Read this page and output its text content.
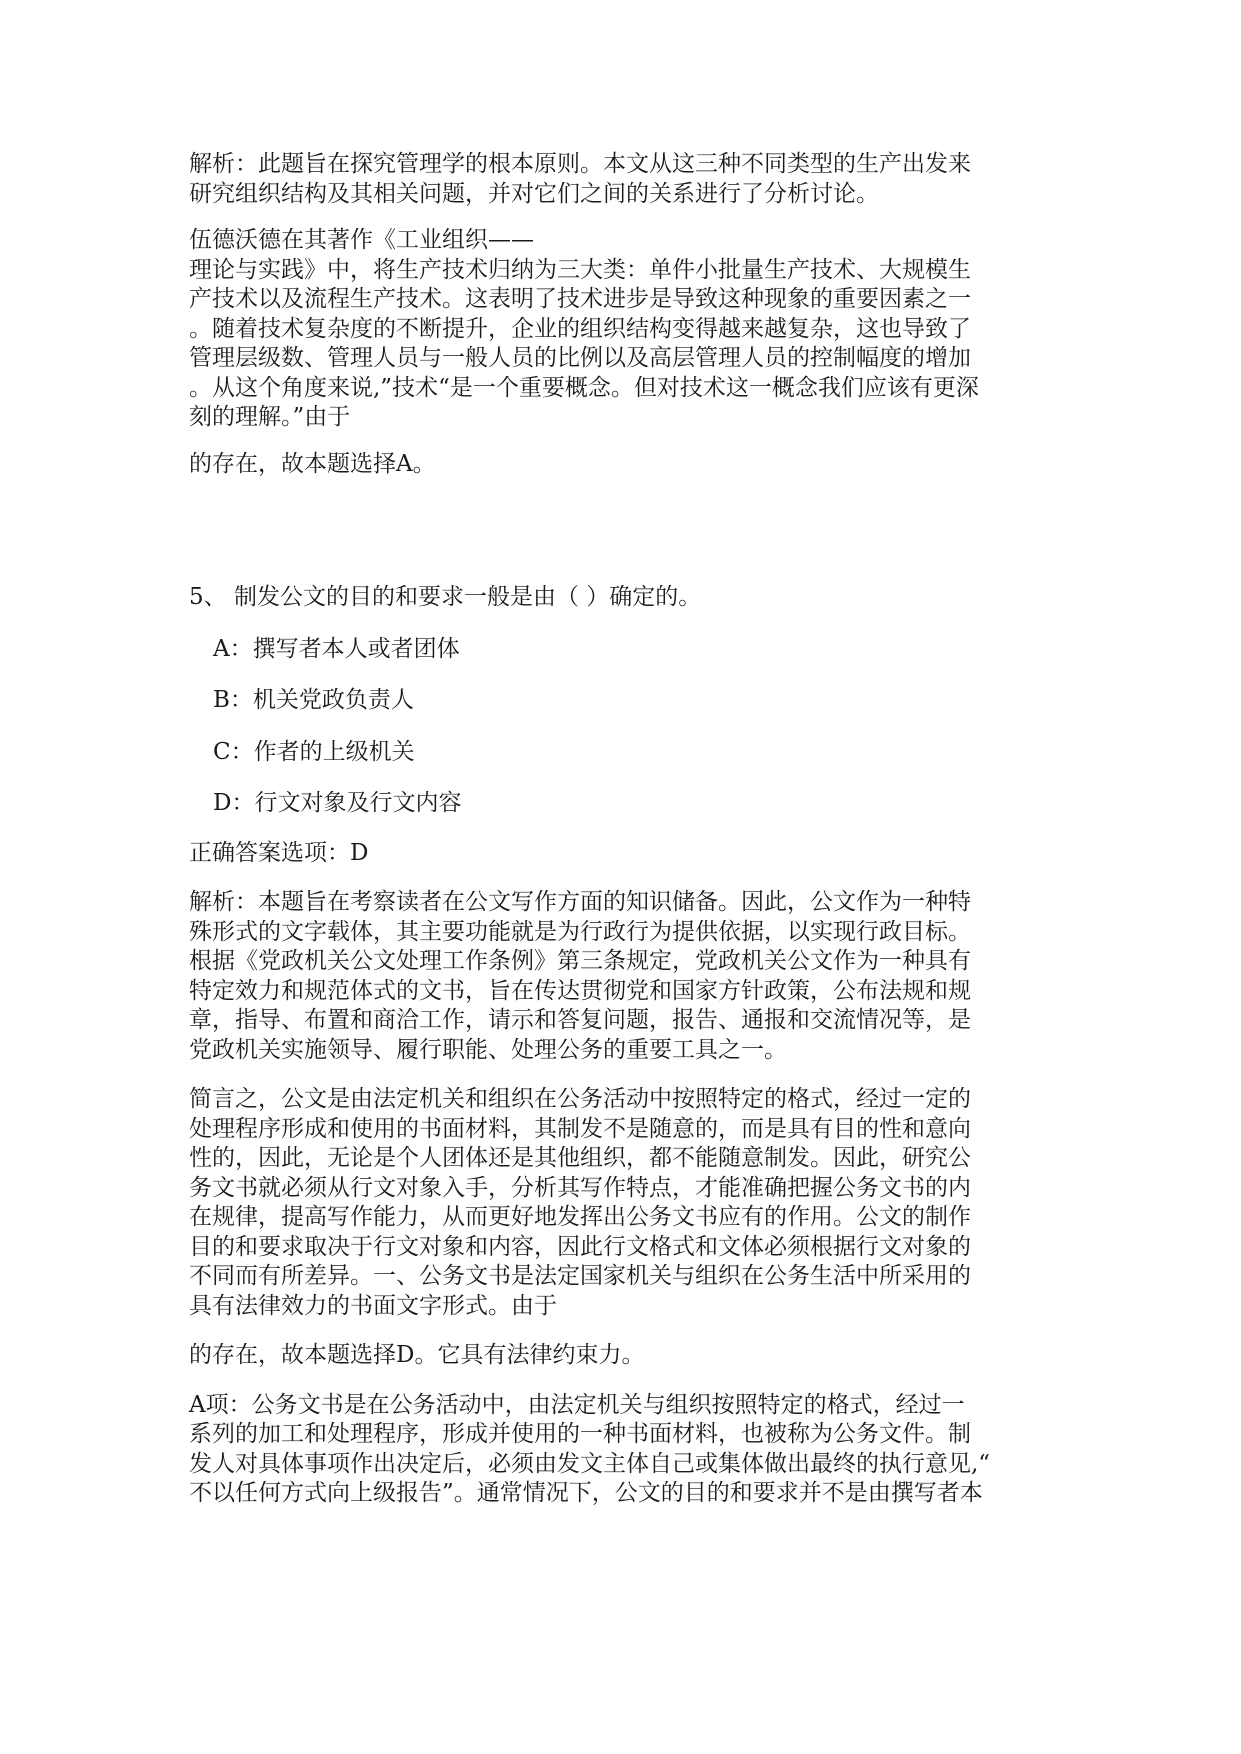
解析：此题旨在探究管理学的根本原则。本文从这三种不同类型的生产出发来
研究组织结构及其相关问题，并对它们之间的关系进行了分析讨论。

伍德沃德在其著作《工业组织——
理论与实践》中，将生产技术归纳为三大类：单件小批量生产技术、大规模生
产技术以及流程生产技术。这表明了技术进步是导致这种现象的重要因素之一
。随着技术复杂度的不断提升，企业的组织结构变得越来越复杂，这也导致了
管理层级数、管理人员与一般人员的比例以及高层管理人员的控制幅度的增加
。从这个角度来说,”技术“是一个重要概念。但对技术这一概念我们应该有更深
刻的理解。”由于

的存在，故本题选择A。

5、 制发公文的目的和要求一般是由（ ）确定的。

A：撰写者本人或者团体

B：机关党政负责人

C：作者的上级机关

D：行文对象及行文内容

正确答案选项：D

解析：本题旨在考察读者在公文写作方面的知识储备。因此，公文作为一种特
殊形式的文字载体，其主要功能就是为行政行为提供依据，以实现行政目标。
根据《党政机关公文处理工作条例》第三条规定，党政机关公文作为一种具有
特定效力和规范体式的文书，旨在传达贯彻党和国家方针政策，公布法规和规
章，指导、布置和商洽工作，请示和答复问题，报告、通报和交流情况等，是
党政机关实施领导、履行职能、处理公务的重要工具之一。

简言之，公文是由法定机关和组织在公务活动中按照特定的格式，经过一定的
处理程序形成和使用的书面材料，其制发不是随意的，而是具有目的性和意向
性的，因此，无论是个人团体还是其他组织，都不能随意制发。因此，研究公
务文书就必须从行文对象入手，分析其写作特点，才能准确把握公务文书的内
在规律，提高写作能力，从而更好地发挥出公务文书应有的作用。公文的制作
目的和要求取决于行文对象和内容，因此行文格式和文体必须根据行文对象的
不同而有所差异。一、公务文书是法定国家机关与组织在公务生活中所采用的
具有法律效力的书面文字形式。由于

的存在，故本题选择D。它具有法律约束力。

A项：公务文书是在公务活动中，由法定机关与组织按照特定的格式，经过一
系列的加工和处理程序，形成并使用的一种书面材料，也被称为公务文件。制
发人对具体事项作出决定后，必须由发文主体自己或集体做出最终的执行意见,“
不以任何方式向上级报告”。通常情况下，公文的目的和要求并不是由撰写者本
